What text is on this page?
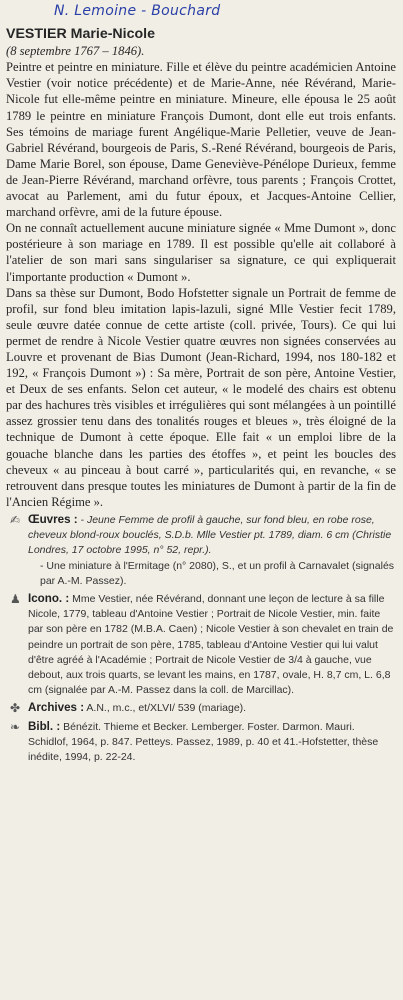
N. Lemoine - Bouchard

VESTIER Marie-Nicole

(8 septembre 1767 – 1846).

Peintre et peintre en miniature. Fille et élève du peintre académicien Antoine Vestier (voir notice précédente) et de Marie-Anne, née Révérand, Marie-Nicole fut elle-même peintre en miniature. Mineure, elle épousa le 25 août 1789 le peintre en miniature François Dumont, dont elle eut trois enfants. Ses témoins de mariage furent Angélique-Marie Pelletier, veuve de Jean-Gabriel Révérand, bourgeois de Paris, S.-René Révérand, bourgeois de Paris, Dame Marie Borel, son épouse, Dame Geneviève-Pénélope Durieux, femme de Jean-Pierre Révérand, marchand orfèvre, tous parents ; François Crottet, avocat au Parlement, ami du futur époux, et Jacques-Antoine Cellier, marchand orfèvre, ami de la future épouse.

On ne connaît actuellement aucune miniature signée « Mme Dumont », donc postérieure à son mariage en 1789. Il est possible qu'elle ait collaboré à l'atelier de son mari sans singulariser sa signature, ce qui expliquerait l'importante production « Dumont ».

Dans sa thèse sur Dumont, Bodo Hofstetter signale un Portrait de femme de profil, sur fond bleu imitation lapis-lazuli, signé Mlle Vestier fecit 1789, seule œuvre datée connue de cette artiste (coll. privée, Tours). Ce qui lui permet de rendre à Nicole Vestier quatre œuvres non signées conservées au Louvre et provenant de Bias Dumont (Jean-Richard, 1994, nos 180-182 et 192, « François Dumont ») : Sa mère, Portrait de son père, Antoine Vestier, et Deux de ses enfants. Selon cet auteur, « le modelé des chairs est obtenu par des hachures très visibles et irrégulières qui sont mélangées à un pointillé assez grossier tenu dans des tonalités rouges et bleues », très éloigné de la technique de Dumont à cette époque. Elle fait « un emploi libre de la gouache blanche dans les parties des étoffes », et peint les boucles des cheveux « au pinceau à bout carré », particularités qui, en revanche, « se retrouvent dans presque toutes les miniatures de Dumont à partir de la fin de l'Ancien Régime ».

✍ Œuvres : - Jeune Femme de profil à gauche, sur fond bleu, en robe rose, cheveux blond-roux bouclés, S.D.b. Mlle Vestier pt. 1789, diam. 6 cm (Christie Londres, 17 octobre 1995, n° 52, repr.).
- Une miniature à l'Ermitage (n° 2080), S., et un profil à Carnavalet (signalés par A.-M. Passez).
♟ Icono. : Mme Vestier, née Révérand, donnant une leçon de lecture à sa fille Nicole, 1779, tableau d'Antoine Vestier ; Portrait de Nicole Vestier, min. faite par son père en 1782 (M.B.A. Caen) ; Nicole Vestier à son chevalet en train de peindre un portrait de son père, 1785, tableau d'Antoine Vestier qui lui valut d'être agréé à l'Académie ; Portrait de Nicole Vestier de 3/4 à gauche, vue debout, aux trois quarts, se levant les mains, en 1787, ovale, H. 8,7 cm, L. 6,8 cm (signalée par A.-M. Passez dans la coll. de Marcillac).
✤ Archives : A.N., m.c., et/XLVI/ 539 (mariage).
❧ Bibl. : Bénézit. Thieme et Becker. Lemberger. Foster. Darmon. Mauri. Schidlof, 1964, p. 847. Petteys. Passez, 1989, p. 40 et 41.-Hofstetter, thèse inédite, 1994, p. 22-24.
